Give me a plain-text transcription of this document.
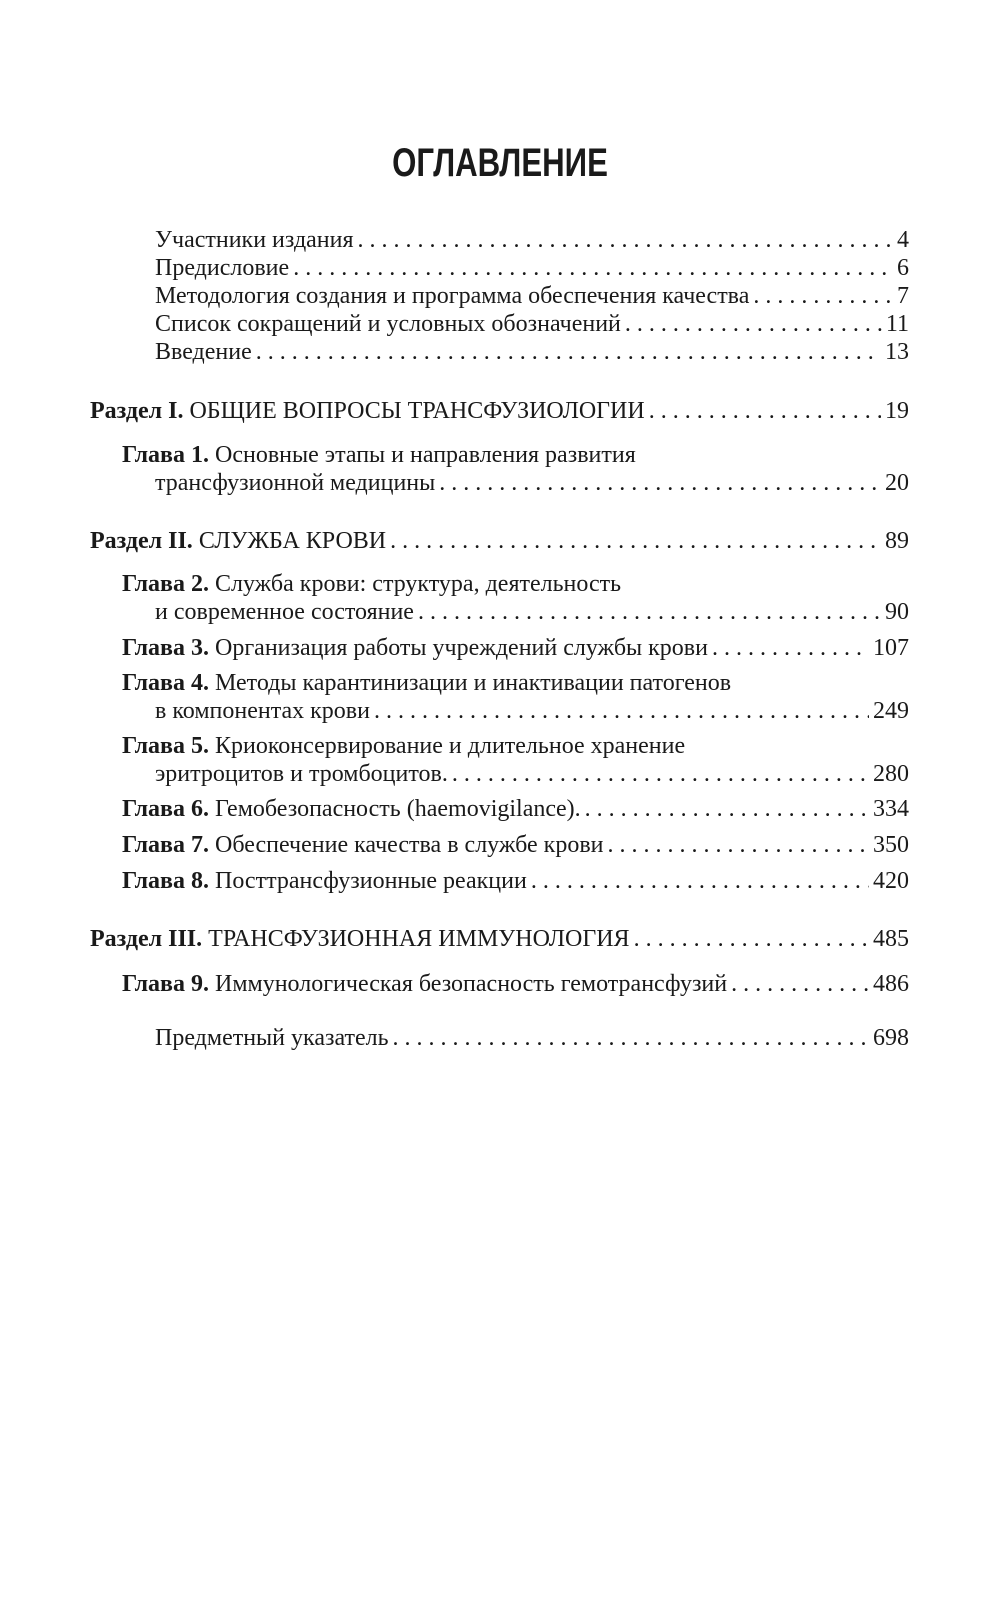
ОГЛАВЛЕНИЕ
Участники издания . . .	4
Предисловие . . .	6
Методология создания и программа обеспечения качества . . .	7
Список сокращений и условных обозначений . . .	11
Введение . . .	13
Раздел I. ОБЩИЕ ВОПРОСЫ ТРАНСФУЗИОЛОГИИ . . .	19
Глава 1. Основные этапы и направления развития
трансфузионной медицины . . .	20
Раздел II. СЛУЖБА КРОВИ . . .	89
Глава 2. Служба крови: структура, деятельность
и современное состояние . . .	90
Глава 3. Организация работы учреждений службы крови . . .	107
Глава 4. Методы карантинизации и инактивации патогенов
в компонентах крови . . .	249
Глава 5. Криоконсервирование и длительное хранение
эритроцитов и тромбоцитов. . . .	280
Глава 6. Гемобезопасность (haemovigilance). . . .	334
Глава 7. Обеспечение качества в службе крови . . .	350
Глава 8. Посттрансфузионные реакции . . .	420
Раздел III. ТРАНСФУЗИОННАЯ ИММУНОЛОГИЯ . . .	485
Глава 9. Иммунологическая безопасность гемотрансфузий . . .	486
Предметный указатель . . .	698
